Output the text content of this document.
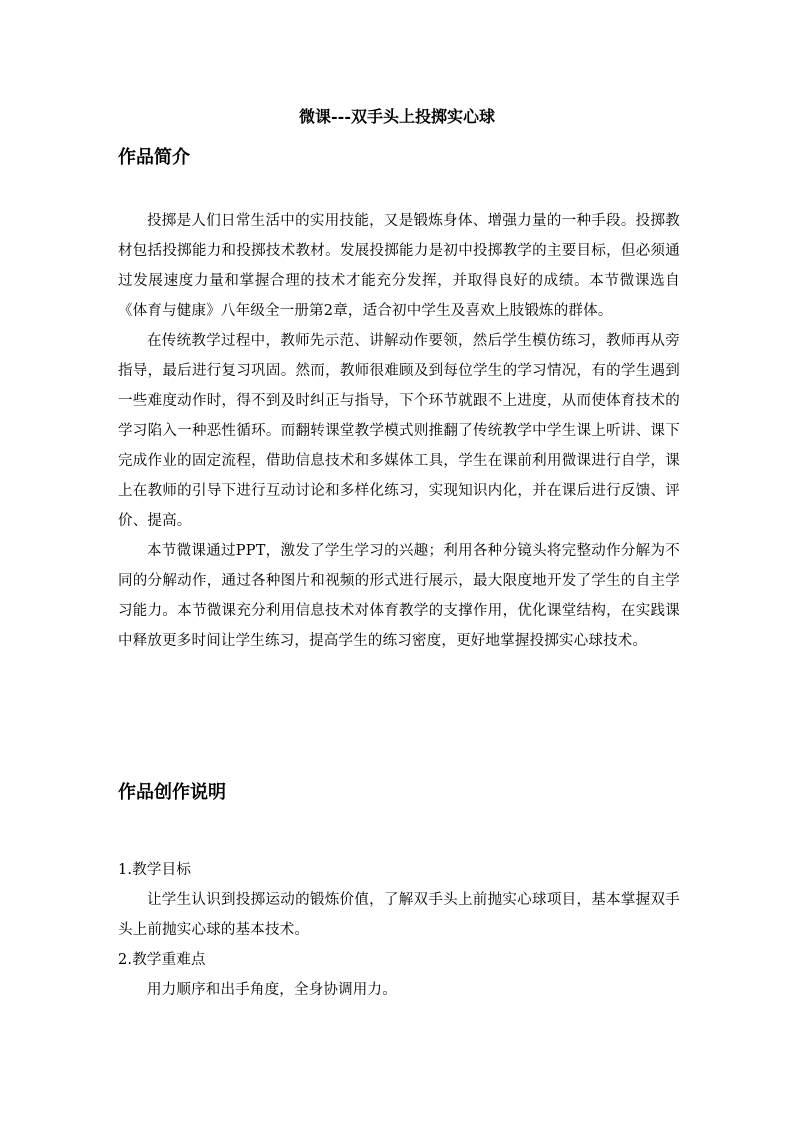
微课---双手头上投掷实心球
作品简介

投掷是人们日常生活中的实用技能，又是锻炼身体、增强力量的一种手段。投掷教材包括投掷能力和投掷技术教材。发展投掷能力是初中投掷教学的主要目标，但必须通过发展速度力量和掌握合理的技术才能充分发挥，并取得良好的成绩。本节微课选自《体育与健康》八年级全一册第2章，适合初中学生及喜欢上肢锻炼的群体。

在传统教学过程中，教师先示范、讲解动作要领，然后学生模仿练习，教师再从旁指导，最后进行复习巩固。然而，教师很难顾及到每位学生的学习情况，有的学生遇到一些难度动作时，得不到及时纠正与指导，下个环节就跟不上进度，从而使体育技术的学习陷入一种恶性循环。而翻转课堂教学模式则推翻了传统教学中学生课上听讲、课下完成作业的固定流程，借助信息技术和多媒体工具，学生在课前利用微课进行自学，课上在教师的引导下进行互动讨论和多样化练习，实现知识内化，并在课后进行反馈、评价、提高。

本节微课通过PPT，激发了学生学习的兴趣；利用各种分镜头将完整动作分解为不同的分解动作，通过各种图片和视频的形式进行展示，最大限度地开发了学生的自主学习能力。本节微课充分利用信息技术对体育教学的支撑作用，优化课堂结构，在实践课中释放更多时间让学生练习，提高学生的练习密度，更好地掌握投掷实心球技术。

作品创作说明

1.教学目标

让学生认识到投掷运动的锻炼价值，了解双手头上前抛实心球项目，基本掌握双手头上前抛实心球的基本技术。

2.教学重难点

用力顺序和出手角度，全身协调用力。
